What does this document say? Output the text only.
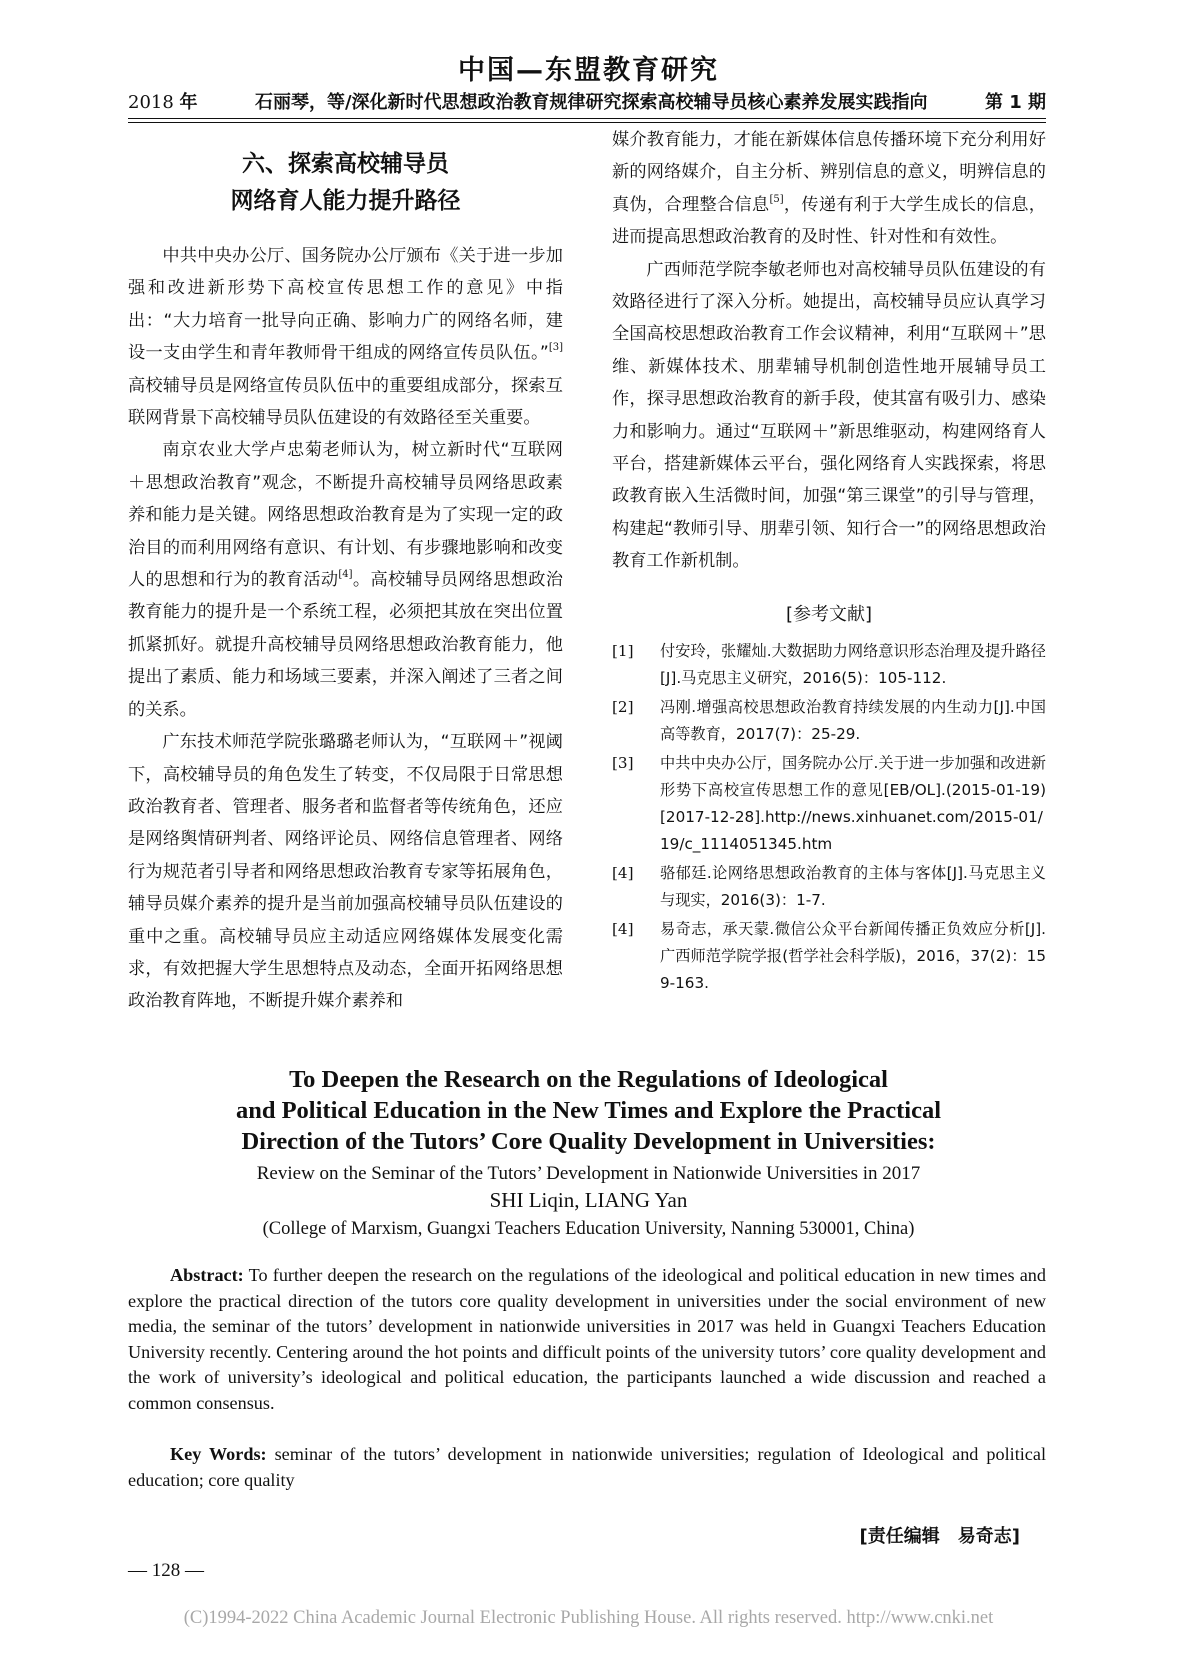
中国—东盟教育研究
2018 年	石丽琴，等/深化新时代思想政治教育规律研究探索高校辅导员核心素养发展实践指向	第 1 期
六、探索高校辅导员
网络育人能力提升路径

中共中央办公厅、国务院办公厅颁布《关于进一步加强和改进新形势下高校宣传思想工作的意见》中指出：“大力培育一批导向正确、影响力广的网络名师，建设一支由学生和青年教师骨干组成的网络宣传员队伍。”[3]高校辅导员是网络宣传员队伍中的重要组成部分，探索互联网背景下高校辅导员队伍建设的有效路径至关重要。

南京农业大学卢忠菊老师认为，树立新时代“互联网＋思想政治教育”观念，不断提升高校辅导员网络思政素养和能力是关键。网络思想政治教育是为了实现一定的政治目的而利用网络有意识、有计划、有步骤地影响和改变人的思想和行为的教育活动[4]。高校辅导员网络思想政治教育能力的提升是一个系统工程，必须把其放在突出位置抓紧抓好。就提升高校辅导员网络思想政治教育能力，他提出了素质、能力和场域三要素，并深入阐述了三者之间的关系。

广东技术师范学院张璐璐老师认为，“互联网＋”视阈下，高校辅导员的角色发生了转变，不仅局限于日常思想政治教育者、管理者、服务者和监督者等传统角色，还应是网络舆情研判者、网络评论员、网络信息管理者、网络行为规范者引导者和网络思想政治教育专家等拓展角色，辅导员媒介素养的提升是当前加强高校辅导员队伍建设的重中之重。高校辅导员应主动适应网络媒体发展变化需求，有效把握大学生思想特点及动态，全面开拓网络思想政治教育阵地，不断提升媒介素养和

媒介教育能力，才能在新媒体信息传播环境下充分利用好新的网络媒介，自主分析、辨别信息的意义，明辨信息的真伪，合理整合信息[5]，传递有利于大学生成长的信息，进而提高思想政治教育的及时性、针对性和有效性。

广西师范学院李敏老师也对高校辅导员队伍建设的有效路径进行了深入分析。她提出，高校辅导员应认真学习全国高校思想政治教育工作会议精神，利用“互联网＋”思维、新媒体技术、朋辈辅导机制创造性地开展辅导员工作，探寻思想政治教育的新手段，使其富有吸引力、感染力和影响力。通过“互联网＋”新思维驱动，构建网络育人平台，搭建新媒体云平台，强化网络育人实践探索，将思政教育嵌入生活微时间，加强“第三课堂”的引导与管理，构建起“教师引导、朋辈引领、知行合一”的网络思想政治教育工作新机制。

[参考文献]
[1]	付安玲，张耀灿.大数据助力网络意识形态治理及提升路径[J].马克思主义研究，2016(5)：105-112.
[2]	冯刚.增强高校思想政治教育持续发展的内生动力[J].中国高等教育，2017(7)：25-29.
[3]	中共中央办公厅，国务院办公厅.关于进一步加强和改进新形势下高校宣传思想工作的意见[EB/OL].(2015-01-19)[2017-12-28].http://news.xinhuanet.com/2015-01/19/c_1114051345.htm
[4]	骆郁廷.论网络思想政治教育的主体与客体[J].马克思主义与现实，2016(3)：1-7.
[4]	易奇志，承天蒙.微信公众平台新闻传播正负效应分析[J].广西师范学院学报(哲学社会科学版)，2016，37(2)：159-163.
To Deepen the Research on the Regulations of Ideological
and Political Education in the New Times and Explore the Practical
Direction of the Tutors’ Core Quality Development in Universities:
Review on the Seminar of the Tutors’ Development in Nationwide Universities in 2017
SHI Liqin, LIANG Yan
(College of Marxism, Guangxi Teachers Education University, Nanning 530001, China)

Abstract: To further deepen the research on the regulations of the ideological and political education in new times and explore the practical direction of the tutors core quality development in universities under the social environment of new media, the seminar of the tutors’ development in nationwide universities in 2017 was held in Guangxi Teachers Education University recently. Centering around the hot points and difficult points of the university tutors’ core quality development and the work of university’s ideological and political education, the participants launched a wide discussion and reached a common consensus.

Key Words: seminar of the tutors’ development in nationwide universities; regulation of Ideological and political education; core quality

[责任编辑　易奇志]
— 128 —
(C)1994-2022 China Academic Journal Electronic Publishing House. All rights reserved. http://www.cnki.net
